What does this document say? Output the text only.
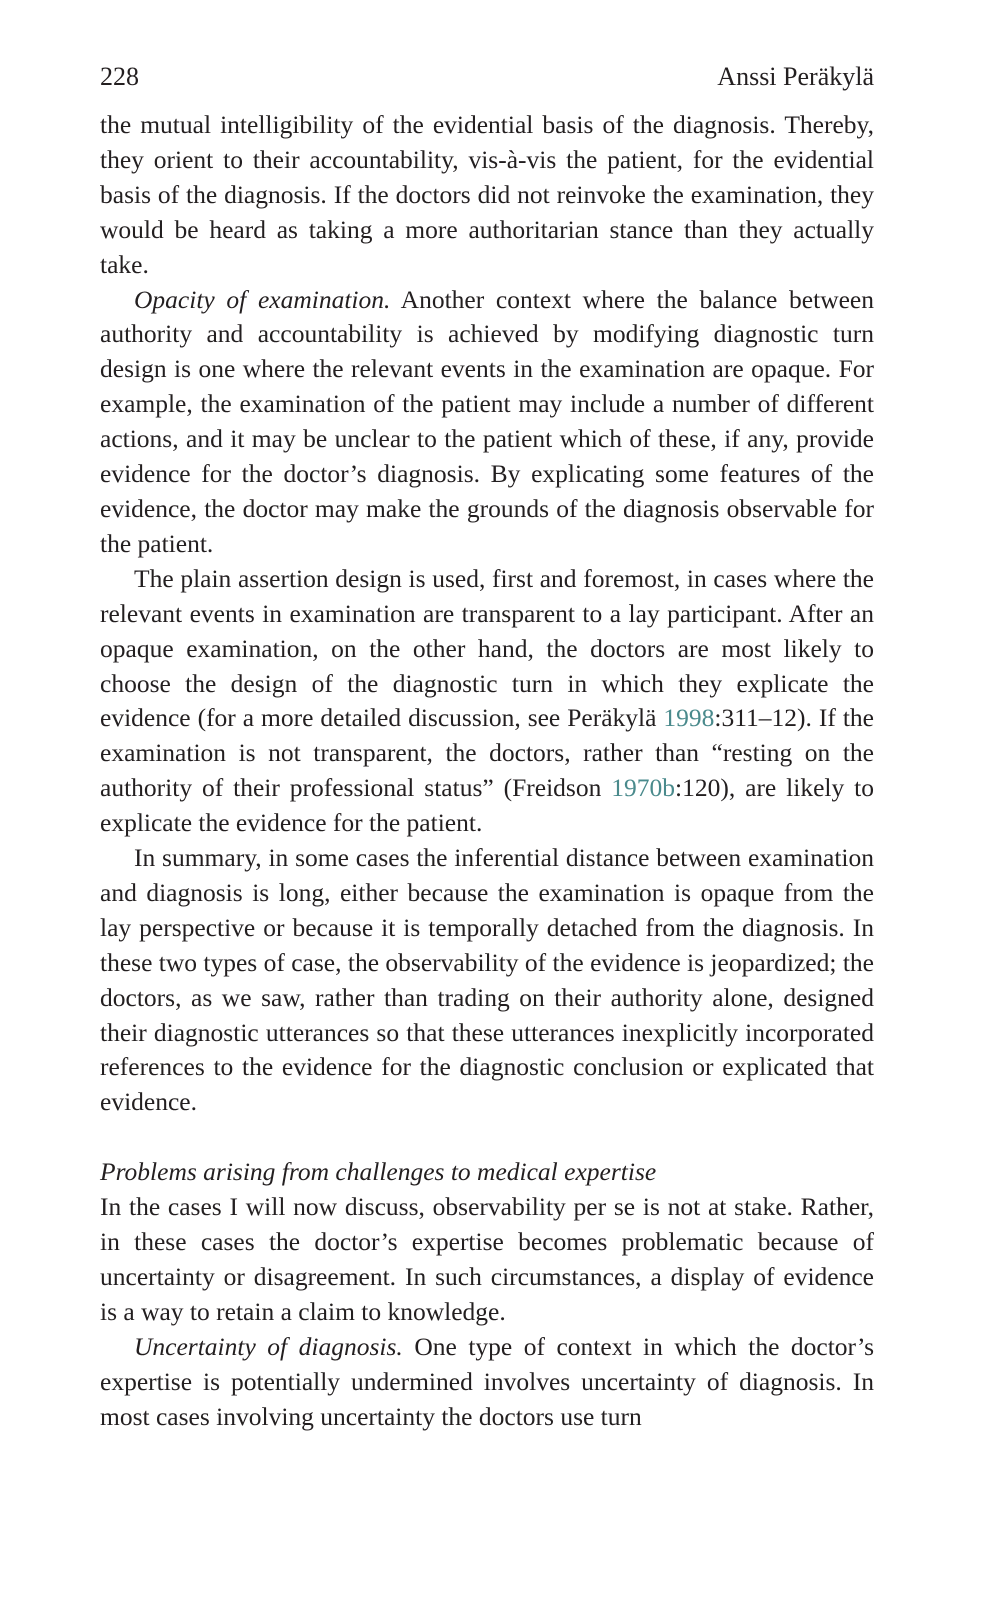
228	Anssi Peräkylä

the mutual intelligibility of the evidential basis of the diagnosis. Thereby, they orient to their accountability, vis-à-vis the patient, for the evidential basis of the diagnosis. If the doctors did not reinvoke the examination, they would be heard as taking a more authoritarian stance than they actually take.

Opacity of examination. Another context where the balance between authority and accountability is achieved by modifying diagnostic turn design is one where the relevant events in the examination are opaque. For example, the examination of the patient may include a number of different actions, and it may be unclear to the patient which of these, if any, provide evidence for the doctor’s diagnosis. By explicating some features of the evidence, the doctor may make the grounds of the diagnosis observable for the patient.

The plain assertion design is used, first and foremost, in cases where the relevant events in examination are transparent to a lay participant. After an opaque examination, on the other hand, the doctors are most likely to choose the design of the diagnostic turn in which they explicate the evidence (for a more detailed discussion, see Peräkylä 1998:311–12). If the examination is not transparent, the doctors, rather than “resting on the authority of their professional status” (Freidson 1970b:120), are likely to explicate the evidence for the patient.

In summary, in some cases the inferential distance between examination and diagnosis is long, either because the examination is opaque from the lay perspective or because it is temporally detached from the diagnosis. In these two types of case, the observability of the evidence is jeopardized; the doctors, as we saw, rather than trading on their authority alone, designed their diagnostic utterances so that these utterances inexplicitly incorporated references to the evidence for the diagnostic conclusion or explicated that evidence.

Problems arising from challenges to medical expertise

In the cases I will now discuss, observability per se is not at stake. Rather, in these cases the doctor’s expertise becomes problematic because of uncertainty or disagreement. In such circumstances, a display of evidence is a way to retain a claim to knowledge.

Uncertainty of diagnosis. One type of context in which the doctor’s expertise is potentially undermined involves uncertainty of diagnosis. In most cases involving uncertainty the doctors use turn
